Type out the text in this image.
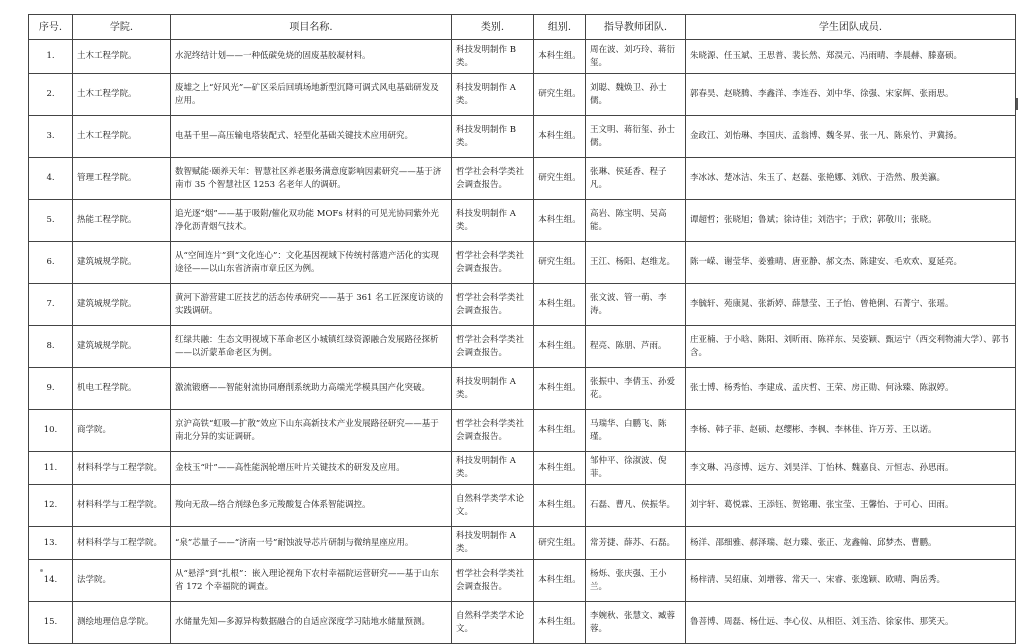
序号.	学院.	项目名称.	类别.	组别.	指导教师团队.	学生团队成员.
1.	土木工程学院。	水泥终结计划——一种低碳免烧的固废基胶凝材料。	科技发明制作 B 类。	本科生组。	周在波、刘巧玲、蒋衍玺。	朱晓源、任玉斌、王思普、裴长然、郑淏元、冯雨晴、李晨赫、滕嘉硕。
2.	土木工程学院。	废墟之上“好风光”—矿区采后回填场地新型沉降可调式风电基础研发及应用。	科技发明制作 A 类。	研究生组。	刘聪、魏焕卫、孙士儒。	郭春昊、赵晓腾、李鑫洋、李连吞、刘中华、徐强、宋家辉、张雨思。
3.	土木工程学院。	电基千里—高压输电塔装配式、轻型化基础关键技术应用研究。	科技发明制作 B 类。	本科生组。	王文明、蒋衍玺、孙士儒。	金政江、刘怡琳、李国庆、孟翁博、魏冬昇、张一凡、陈泉竹、尹冀扬。
4.	管理工程学院。	数智赋能·颐养天年：智慧社区养老服务满意度影响因素研究——基于济南市 35 个智慧社区 1253 名老年人的调研。	哲学社会科学类社会调查报告。	研究生组。	张琳、侯延香、程子凡。	李冰冰、楚冰洁、朱玉了、赵磊、张艳娜、刘欣、于浩然、殷美瀛。
5.	热能工程学院。	追光逐“烟”——基于吸附/催化双功能 MOFs 材料的可见光协同紫外光净化沥青烟气技术。	科技发明制作 A 类。	本科生组。	高岩、陈宝明、吴高能。	谭超哲；张晓旭；鲁斌；徐诗佳；刘浩宇；于欣；郭敬川；张晓。
6.	建筑城规学院。	从“空间连片”到“文化连心”：文化基因视域下传统村落遗产活化的实现途径——以山东省济南市章丘区为例。	哲学社会科学类社会调查报告。	研究生组。	王江、杨阳、赵维龙。	陈一嵘、谢莹华、姜雅晴、唐亚静、郝文杰、陈建安、毛欢欢、夏延亮。
7.	建筑城规学院。	黄河下游营建工匠技艺的活态传承研究——基于 361 名工匠深度访谈的实践调研。	哲学社会科学类社会调查报告。	本科生组。	张文波、管一萌、李涛。	李毓轩、苑康晁、张新婷、薛慧莹、王子怡、曾艳俐、石菁宁、张瑶。
8.	建筑城规学院。	红绿共融：生态文明视域下革命老区小城镇红绿资源融合发展路径探析——以沂蒙革命老区为例。	哲学社会科学类社会调查报告。	本科生组。	程亮、陈朋、芦雨。	庄亚楠、于小晗、陈阳、刘昕雨、陈祥东、吴姿颖、甄运宁（西交利物浦大学）、郭书含。
9.	机电工程学院。	激流锻磨——智能射流协同磨削系统助力高端光学模具国产化突破。	科技发明制作 A 类。	本科生组。	张振中、李倩玉、孙爱花。	张士博、杨秀怡、李建成、孟庆哲、王荣、房正勋、何泳臻、陈淑婷。
10.	商学院。	京沪高铁“虹吸—扩散”效应下山东高新技术产业发展路径研究——基于南北分异的实证调研。	哲学社会科学类社会调查报告。	本科生组。	马瑞华、白鹏飞、陈瑾。	李杨、韩子菲、赵硕、赵缨彬、李枫、李林佳、许万芳、王以诺。
11.	材料科学与工程学院。	金枝玉“叶”——高性能涡轮增压叶片关键技术的研发及应用。	科技发明制作 A 类。	本科生组。	邹仲平、徐淑波、倪菲。	李文琳、冯彦博、远方、刘昊洋、丁怡林、魏嘉良、亓恒志、孙思雨。
12.	材料科学与工程学院。	羧向无敌—络合剂绿色多元羧酸复合体系智能调控。	自然科学类学术论文。	本科生组。	石磊、曹凡、侯振华。	刘宇轩、葛悦霖、王添钰、贺铭珊、张宝莹、王馨怡、于可心、田雨。
13.	材料科学与工程学院。	“泉”芯量子——“济南一号”耐蚀波导芯片研制与微纳星座应用。	科技发明制作 A 类。	研究生组。	常芳捷、薛苏、石磊。	杨洋、邵细雅、郝泽瑞、赵力臻、张正、龙鑫翰、邱梦杰、曹鹏。
14.	法学院。	从“悬浮”到“扎根”：嵌入理论视角下农村幸福院运营研究——基于山东省 172 个幸福院的调查。	哲学社会科学类社会调查报告。	本科生组。	杨烁、张庆强、王小兰。	杨梓清、吴绍康、刘增蓉、常天一、宋睿、张逸颖、欧晴、陶岳秀。
15.	测绘地理信息学院。	水储量先知—多源异构数据融合的自适应深度学习陆地水储量预测。	自然科学类学术论文。	本科生组。	李婉秋、张慧文、臧蓉蓉。	鲁菩博、周磊、杨仕远、李心仪、从相臣、刘玉浩、徐家伟、那笑天。
